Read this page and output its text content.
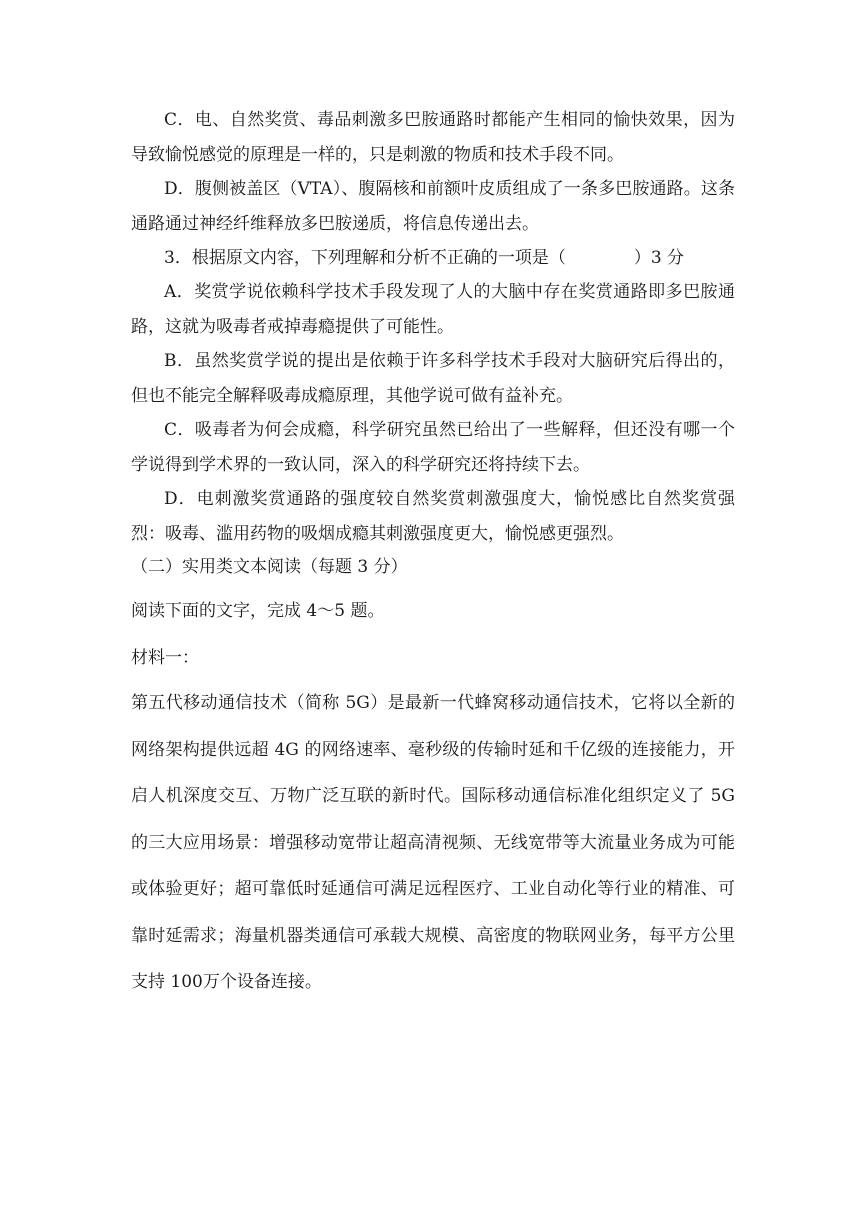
C．电、自然奖赏、毒品刺激多巴胺通路时都能产生相同的愉快效果，因为导致愉悦感觉的原理是一样的，只是刺激的物质和技术手段不同。

D．腹侧被盖区（VTA）、腹隔核和前额叶皮质组成了一条多巴胺通路。这条通路通过神经纤维释放多巴胺递质，将信息传递出去。

3．根据原文内容，下列理解和分析不正确的一项是（　　　　）3 分

A．奖赏学说依赖科学技术手段发现了人的大脑中存在奖赏通路即多巴胺通路，这就为吸毒者戒掉毒瘾提供了可能性。

B．虽然奖赏学说的提出是依赖于许多科学技术手段对大脑研究后得出的，但也不能完全解释吸毒成瘾原理，其他学说可做有益补充。

C．吸毒者为何会成瘾，科学研究虽然已给出了一些解释，但还没有哪一个学说得到学术界的一致认同，深入的科学研究还将持续下去。

D．电刺激奖赏通路的强度较自然奖赏刺激强度大，愉悦感比自然奖赏强烈：吸毒、滥用药物的吸烟成瘾其刺激强度更大，愉悦感更强烈。

（二）实用类文本阅读（每题 3 分）

阅读下面的文字，完成 4～5 题。

材料一：

第五代移动通信技术（简称 5G）是最新一代蜂窝移动通信技术，它将以全新的网络架构提供远超 4G 的网络速率、毫秒级的传输时延和千亿级的连接能力，开启人机深度交互、万物广泛互联的新时代。国际移动通信标准化组织定义了 5G 的三大应用场景：增强移动宽带让超高清视频、无线宽带等大流量业务成为可能或体验更好；超可靠低时延通信可满足远程医疗、工业自动化等行业的精准、可靠时延需求；海量机器类通信可承载大规模、高密度的物联网业务，每平方公里支持 100万个设备连接。
